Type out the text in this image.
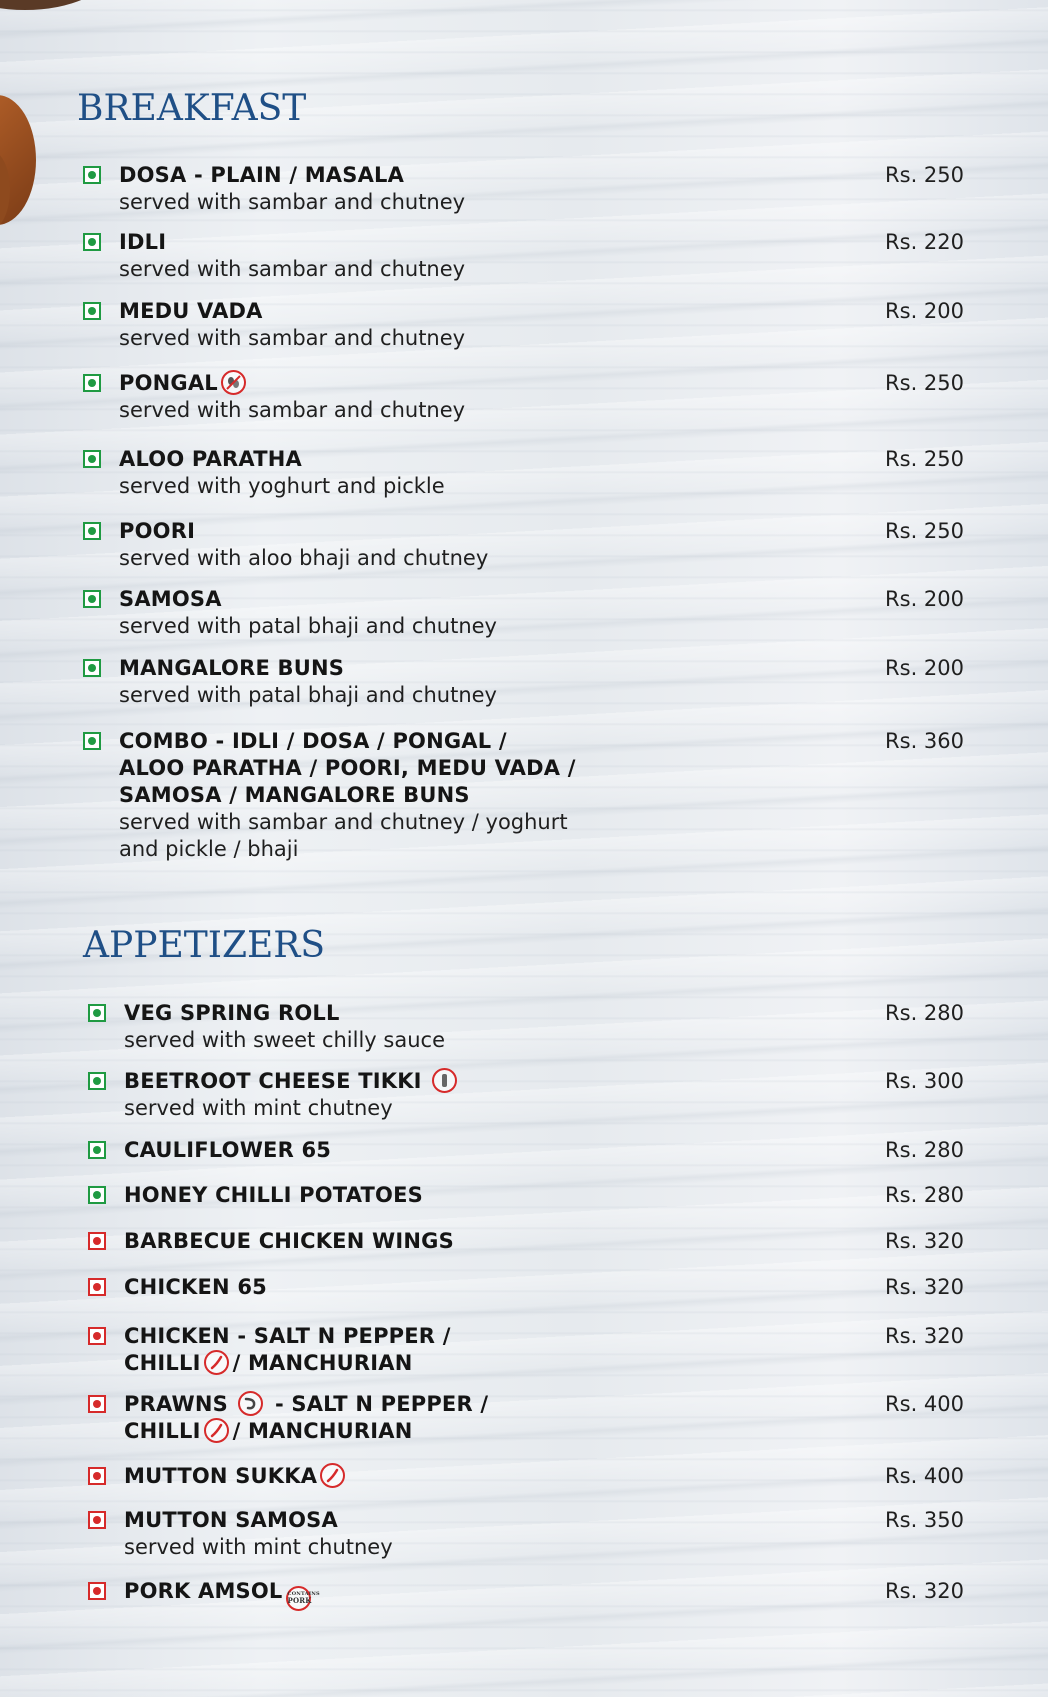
BREAKFAST
DOSA - PLAIN / MASALA
served with sambar and chutney
Rs. 250
IDLI
served with sambar and chutney
Rs. 220
MEDU VADA
served with sambar and chutney
Rs. 200
PONGAL
served with sambar and chutney
Rs. 250
ALOO PARATHA
served with yoghurt and pickle
Rs. 250
POORI
served with aloo bhaji and chutney
Rs. 250
SAMOSA
served with patal bhaji and chutney
Rs. 200
MANGALORE BUNS
served with patal bhaji and chutney
Rs. 200
COMBO - IDLI / DOSA / PONGAL /
ALOO PARATHA / POORI, MEDU VADA /
SAMOSA / MANGALORE BUNS
served with sambar and chutney / yoghurt
and pickle / bhaji
Rs. 360
APPETIZERS
VEG SPRING ROLL
served with sweet chilly sauce
Rs. 280
BEETROOT CHEESE TIKKI
served with mint chutney
Rs. 300
CAULIFLOWER 65	Rs. 280
HONEY CHILLI POTATOES	Rs. 280
BARBECUE CHICKEN WINGS	Rs. 320
CHICKEN 65	Rs. 320
CHICKEN - SALT N PEPPER /
CHILLI / MANCHURIAN
Rs. 320
PRAWNS - SALT N PEPPER /
CHILLI / MANCHURIAN
Rs. 400
MUTTON SUKKA	Rs. 400
MUTTON SAMOSA
served with mint chutney
Rs. 350
PORK AMSOL CONTAINS
PORK	Rs. 320
